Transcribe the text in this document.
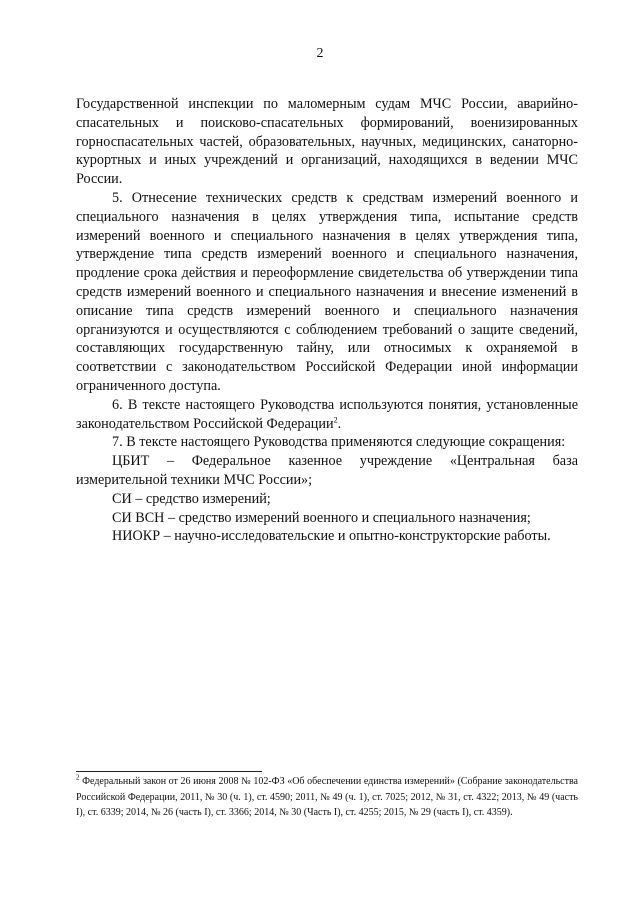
2

Государственной инспекции по маломерным судам МЧС России, аварийно-спасательных и поисково-спасательных формирований, военизированных горноспасательных частей, образовательных, научных, медицинских, санаторно-курортных и иных учреждений и организаций, находящихся в ведении МЧС России.

5. Отнесение технических средств к средствам измерений военного и специального назначения в целях утверждения типа, испытание средств измерений военного и специального назначения в целях утверждения типа, утверждение типа средств измерений военного и специального назначения, продление срока действия и переоформление свидетельства об утверждении типа средств измерений военного и специального назначения и внесение изменений в описание типа средств измерений военного и специального назначения организуются и осуществляются с соблюдением требований о защите сведений, составляющих государственную тайну, или относимых к охраняемой в соответствии с законодательством Российской Федерации иной информации ограниченного доступа.

6. В тексте настоящего Руководства используются понятия, установленные законодательством Российской Федерации$^2$.

7. В тексте настоящего Руководства применяются следующие сокращения:

ЦБИТ – Федеральное казенное учреждение «Центральная база измерительной техники МЧС России»;

СИ – средство измерений;

СИ ВСН – средство измерений военного и специального назначения;

НИОКР – научно-исследовательские и опытно-конструкторские работы.

$^2$ Федеральный закон от 26 июня 2008 № 102-ФЗ «Об обеспечении единства измерений» (Собрание законодательства Российской Федерации, 2011, № 30 (ч. 1), ст. 4590; 2011, № 49 (ч. 1), ст. 7025; 2012, № 31, ст. 4322; 2013, № 49 (часть I), ст. 6339; 2014, № 26 (часть I), ст. 3366; 2014, № 30 (Часть I), ст. 4255; 2015, № 29 (часть I), ст. 4359).
